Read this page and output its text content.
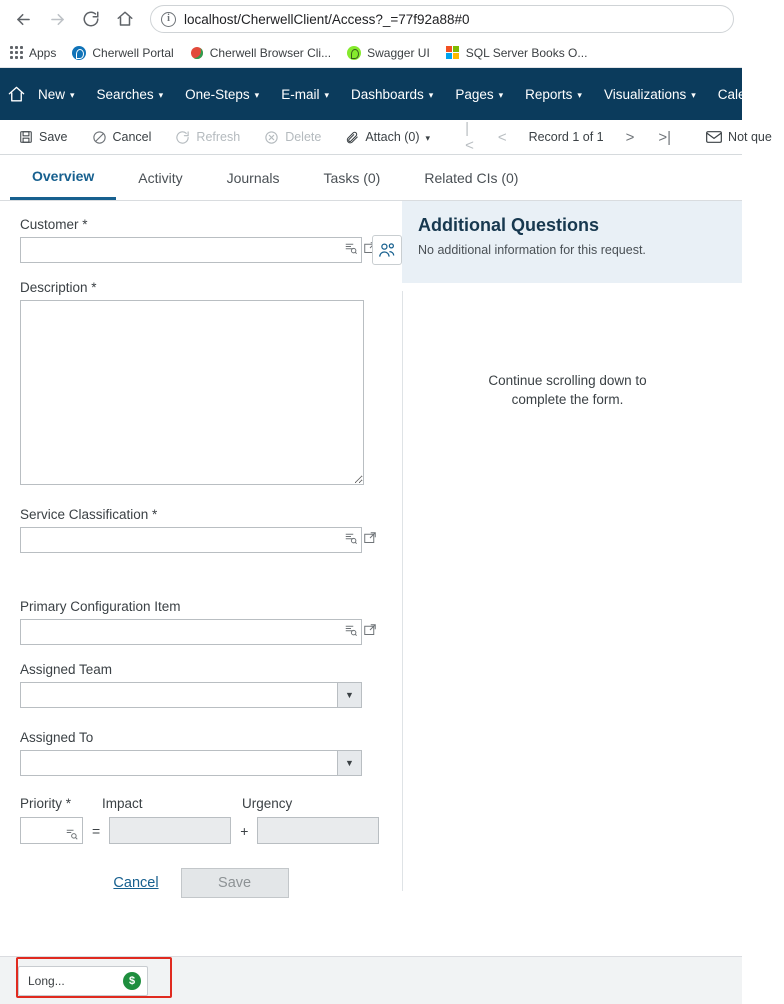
i	localhost/CherwellClient/Access?_=77f92a88#0
Apps	Cherwell Portal	Cherwell Browser Cli...	Swagger UI	SQL Server Books O...
New ▾ Searches ▾ One-Steps ▾ E-mail ▾ Dashboards ▾ Pages ▾ Reports ▾ Visualizations ▾ Calendar
Save	Cancel	Refresh	Delete	Attach (0) ▾
|<	<	Record 1 of 1	>	>|	Not que
Overview	Activity	Journals	Tasks (0)	Related CIs (0)
Customer *
Description *
Service Classification *
Primary Configuration Item
Assigned Team
▼
Assigned To
▼
Priority *	Impact	Urgency
=	+
Cancel	Save
Additional Questions
No additional information for this request.
Continue scrolling down to
complete the form.
Long...	$
